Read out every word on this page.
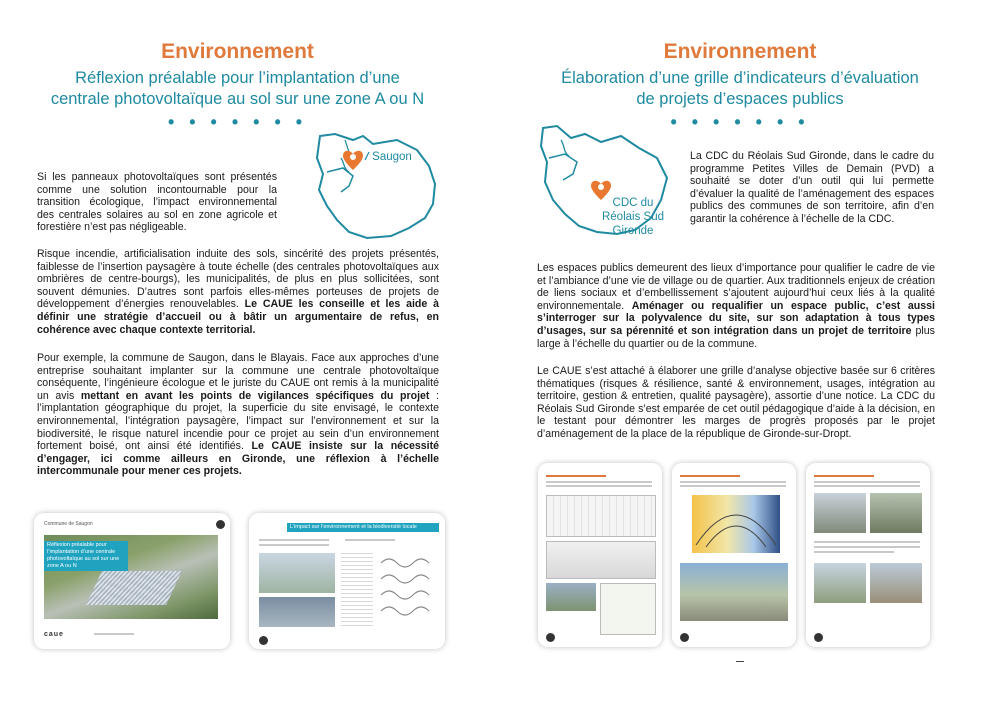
Environnement
Réflexion préalable pour l’implantation d’une
centrale photovoltaïque au sol sur une zone A ou N
• • • • • • •
Saugon
Si les panneaux photovoltaïques sont présentés comme une solution incontournable pour la transition écologique, l’impact environnemental des centrales solaires au sol en zone agricole et forestière n’est pas négligeable.
Risque incendie, artificialisation induite des sols, sincérité des projets présentés, faiblesse de l’insertion paysagère à toute échelle (des centrales photovoltaïques aux ombrières de centre-bourgs), les municipalités, de plus en plus sollicitées, sont souvent démunies. D’autres sont parfois elles-mêmes porteuses de projets de développement d’énergies renouvelables. Le CAUE les conseille et les aide à définir une stratégie d’accueil ou à bâtir un argumentaire de refus, en cohérence avec chaque contexte territorial.
Pour exemple, la commune de Saugon, dans le Blayais. Face aux approches d’une entreprise souhaitant implanter sur la commune une centrale photovoltaïque conséquente, l’ingénieure écologue et le juriste du CAUE ont remis à la municipalité un avis mettant en avant les points de vigilances spécifiques du projet : l’implantation géographique du projet, la superficie du site envisagé, le contexte environnemental, l’intégration paysagère, l’impact sur l’environnement et sur la biodiversité, le risque naturel incendie pour ce projet au sein d’un environnement fortement boisé, ont ainsi été identifiés. Le CAUE insiste sur la nécessité d’engager, ici comme ailleurs en Gironde, une réflexion à l’échelle intercommunale pour mener ces projets.
Commune de Saugon
Réflexion préalable pour l’implantation d’une centrale photovoltaïque au sol sur une zone A ou N
caue
L’impact sur l’environnement et la biodiversité locale
Environnement
Élaboration d’une grille d’indicateurs d’évaluation
de projets d’espaces publics
• • • • • • •
CDC du
Réolais Sud
Gironde
La CDC du Réolais Sud Gironde, dans le cadre du programme Petites Villes de Demain (PVD) a souhaité se doter d’un outil qui lui permette d’évaluer la qualité de l’aménagement des espaces publics des communes de son territoire, afin d’en garantir la cohérence à l’échelle de la CDC.
Les espaces publics demeurent des lieux d’importance pour qualifier le cadre de vie et l’ambiance d’une vie de village ou de quartier. Aux traditionnels enjeux de création de liens sociaux et d’embellissement s’ajoutent aujourd’hui ceux liés à la qualité environnementale. Aménager ou requalifier un espace public, c’est aussi s’interroger sur la polyvalence du site, sur son adaptation à tous types d’usages, sur sa pérennité et son intégration dans un projet de territoire plus large à l’échelle du quartier ou de la commune.
Le CAUE s’est attaché à élaborer une grille d’analyse objective basée sur 6 critères thématiques (risques & résilience, santé & environnement, usages, intégration au territoire, gestion & entretien, qualité paysagère), assortie d’une notice. La CDC du Réolais Sud Gironde s’est emparée de cet outil pédagogique d’aide à la décision, en le testant pour démontrer les marges de progrès proposés par le projet d’aménagement de la place de la république de Gironde-sur-Dropt.
